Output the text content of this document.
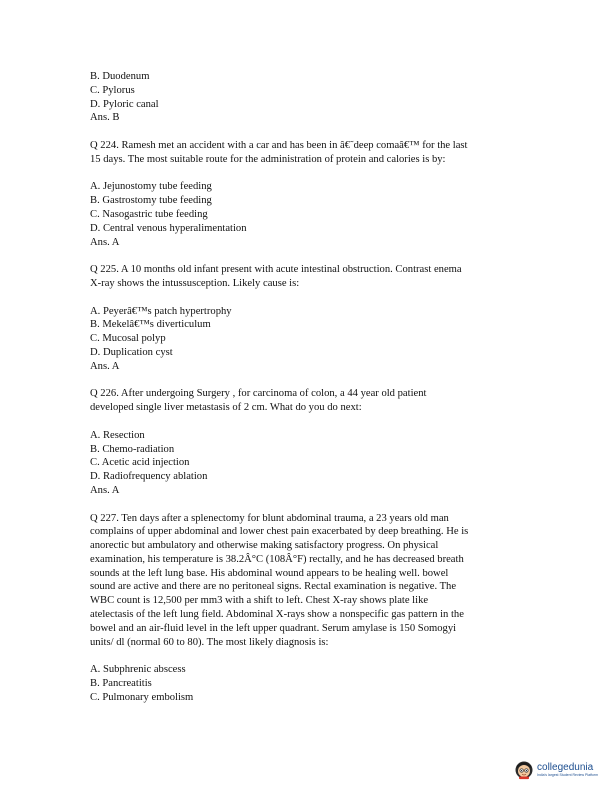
B. Duodenum
C. Pylorus
D. Pyloric canal
Ans. B
Q 224. Ramesh met an accident with a car and has been in â€˜deep comaâ€™ for the last
15 days. The most suitable route for the administration of protein and calories is by:
A. Jejunostomy tube feeding
B. Gastrostomy tube feeding
C. Nasogastric tube feeding
D. Central venous hyperalimentation
Ans. A
Q 225. A 10 months old infant present with acute intestinal obstruction. Contrast enema
X-ray shows the intussusception. Likely cause is:
A. Peyerâ€™s patch hypertrophy
B. Mekelâ€™s diverticulum
C. Mucosal polyp
D. Duplication cyst
Ans. A
Q 226. After undergoing Surgery , for carcinoma of colon, a 44 year old patient
developed single liver metastasis of 2 cm. What do you do next:
A. Resection
B. Chemo-radiation
C. Acetic acid injection
D. Radiofrequency ablation
Ans. A
Q 227. Ten days after a splenectomy for blunt abdominal trauma, a 23 years old man
complains of upper abdominal and lower chest pain exacerbated by deep breathing. He is
anorectic but ambulatory and otherwise making satisfactory progress. On physical
examination, his temperature is 38.2Â°C (108Â°F) rectally, and he has decreased breath
sounds at the left lung base. His abdominal wound appears to be healing well. bowel
sound are active and there are no peritoneal signs. Rectal examination is negative. The
WBC count is 12,500 per mm3 with a shift to left. Chest X-ray shows plate like
atelectasis of the left lung field. Abdominal X-rays show a nonspecific gas pattern in the
bowel and an air-fluid level in the left upper quadrant. Serum amylase is 150 Somogyi
units/ dl (normal 60 to 80). The most likely diagnosis is:
A. Subphrenic abscess
B. Pancreatitis
C. Pulmonary embolism
collegedunia
India's largest Student Review Platform
